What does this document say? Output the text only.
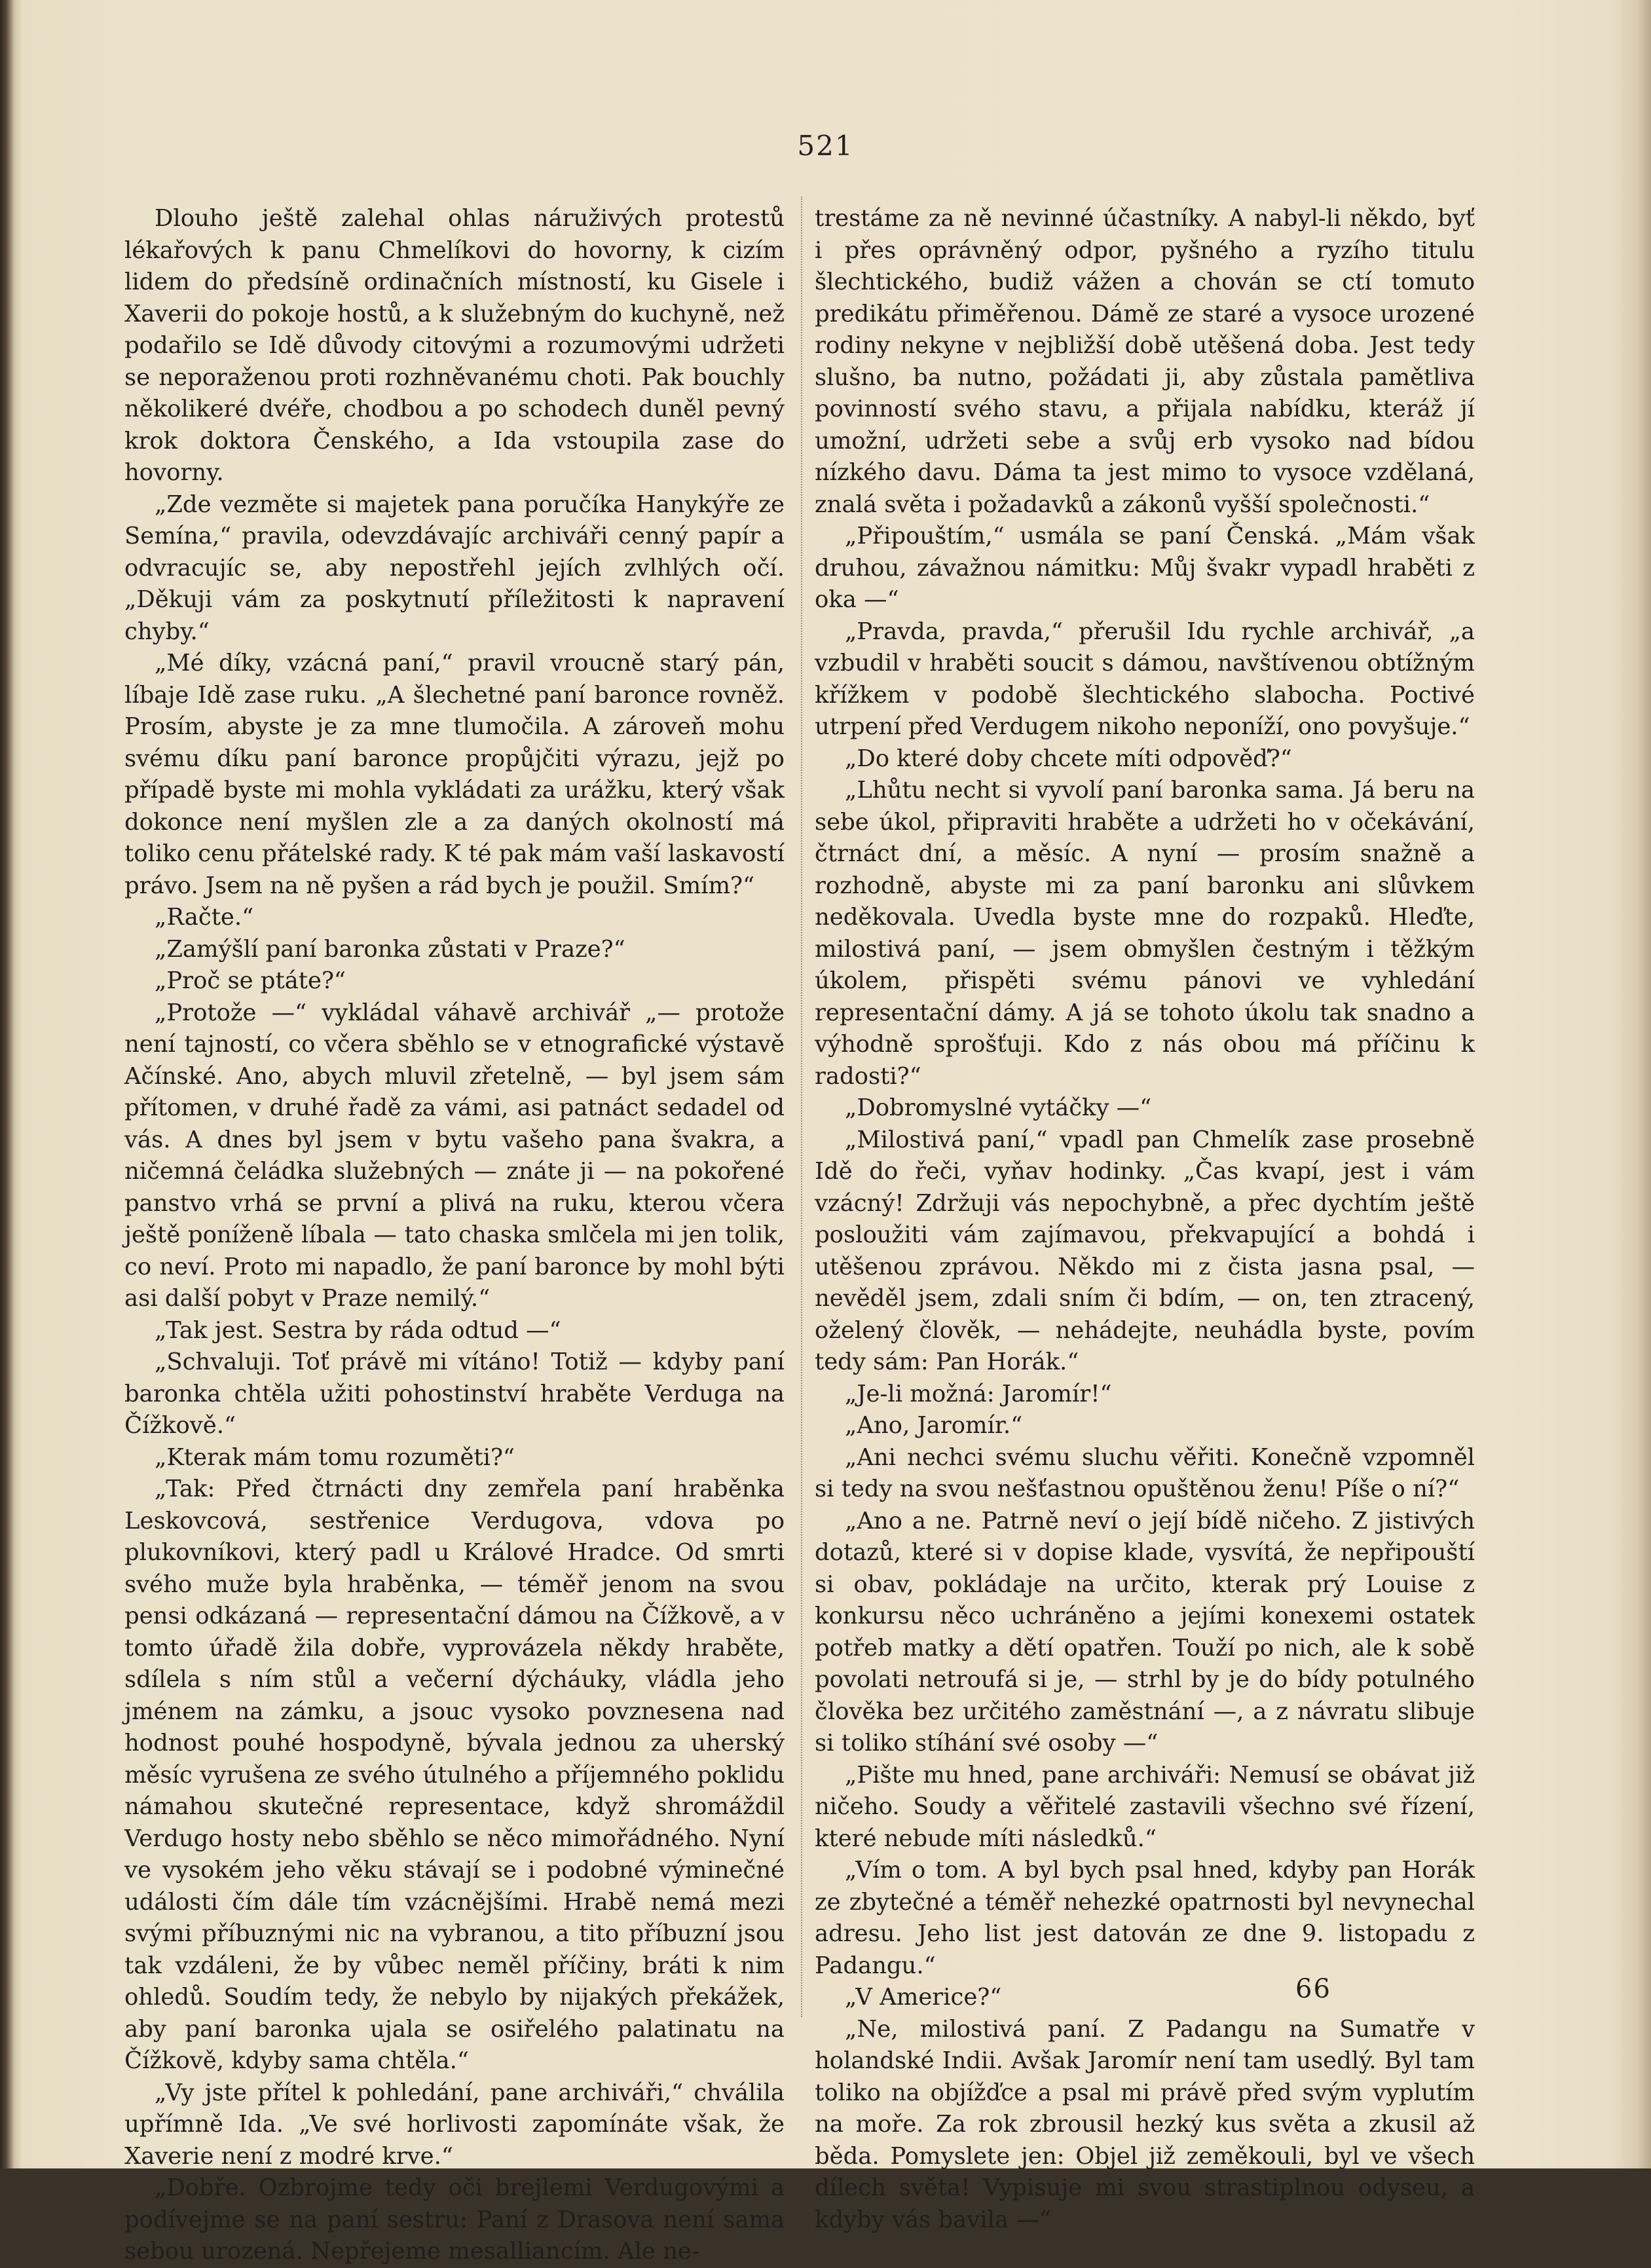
521

Dlouho ještě zalehal ohlas náruživých protestů lékařových k panu Chmelíkovi do hovorny, k cizím lidem do předsíně ordinačních místností, ku Gisele i Xaverii do pokoje hostů, a k služebným do kuchyně, než podařilo se Idě důvody citovými a rozumovými udržeti se neporaženou proti rozhněvanému choti. Pak bouchly několikeré dvéře, chodbou a po schodech duněl pevný krok doktora Čenského, a Ida vstoupila zase do hovorny.

„Zde vezměte si majetek pana poručíka Hanykýře ze Semína,“ pravila, odevzdávajíc archiváři cenný papír a odvracujíc se, aby nepostřehl jejích zvlhlých očí. „Děkuji vám za poskytnutí příležitosti k napravení chyby.“

„Mé díky, vzácná paní,“ pravil vroucně starý pán, líbaje Idě zase ruku. „A šlechetné paní baronce rovněž. Prosím, abyste je za mne tlumočila. A zároveň mohu svému díku paní baronce propůjčiti výrazu, jejž po případě byste mi mohla vykládati za urážku, který však dokonce není myšlen zle a za daných okolností má toliko cenu přátelské rady. K té pak mám vaší laskavostí právo. Jsem na ně pyšen a rád bych je použil. Smím?“

„Račte.“

„Zamýšlí paní baronka zůstati v Praze?“

„Proč se ptáte?“

„Protože —“ vykládal váhavě archivář „— protože není tajností, co včera sběhlo se v etnografické výstavě Ačínské. Ano, abych mluvil zřetelně, — byl jsem sám přítomen, v druhé řadě za vámi, asi patnáct sedadel od vás. A dnes byl jsem v bytu vašeho pana švakra, a ničemná čeládka služebných — znáte ji — na pokořené panstvo vrhá se první a plivá na ruku, kterou včera ještě poníženě líbala — tato chaska smlčela mi jen tolik, co neví. Proto mi napadlo, že paní baronce by mohl býti asi další pobyt v Praze nemilý.“

„Tak jest. Sestra by ráda odtud —“

„Schvaluji. Toť právě mi vítáno! Totiž — kdyby paní baronka chtěla užiti pohostinství hraběte Verduga na Čížkově.“

„Kterak mám tomu rozuměti?“

„Tak: Před čtrnácti dny zemřela paní hraběnka Leskovcová, sestřenice Verdugova, vdova po plukovníkovi, který padl u Králové Hradce. Od smrti svého muže byla hraběnka, — téměř jenom na svou pensi odkázaná — representační dámou na Čížkově, a v tomto úřadě žila dobře, vyprovázela někdy hraběte, sdílela s ním stůl a večerní dýcháuky, vládla jeho jménem na zámku, a jsouc vysoko povznesena nad hodnost pouhé hospodyně, bývala jednou za uherský měsíc vyrušena ze svého útulného a příjemného poklidu námahou skutečné representace, když shromáždil Verdugo hosty nebo sběhlo se něco mimořádného. Nyní ve vysokém jeho věku stávají se i podobné výminečné události čím dále tím vzácnějšími. Hrabě nemá mezi svými příbuznými nic na vybranou, a tito příbuzní jsou tak vzdáleni, že by vůbec neměl příčiny, bráti k nim ohledů. Soudím tedy, že nebylo by nijakých překážek, aby paní baronka ujala se osiřelého palatinatu na Čížkově, kdyby sama chtěla.“

„Vy jste přítel k pohledání, pane archiváři,“ chválila upřímně Ida. „Ve své horlivosti zapomínáte však, že Xaverie není z modré krve.“

„Dobře. Ozbrojme tedy oči brejlemi Verdugovými a podívejme se na paní sestru: Paní z Drasova není sama sebou urozená. Nepřejeme mesalliancím. Ale ne-

trestáme za ně nevinné účastníky. A nabyl-li někdo, byť i přes oprávněný odpor, pyšného a ryzího titulu šlechtického, budiž vážen a chován se ctí tomuto predikátu přiměřenou. Dámě ze staré a vysoce urozené rodiny nekyne v nejbližší době utěšená doba. Jest tedy slušno, ba nutno, požádati ji, aby zůstala pamětliva povinností svého stavu, a přijala nabídku, kteráž jí umožní, udržeti sebe a svůj erb vysoko nad bídou nízkého davu. Dáma ta jest mimo to vysoce vzdělaná, znalá světa i požadavků a zákonů vyšší společnosti.“

„Připouštím,“ usmála se paní Čenská. „Mám však druhou, závažnou námitku: Můj švakr vypadl hraběti z oka —“

„Pravda, pravda,“ přerušil Idu rychle archivář, „a vzbudil v hraběti soucit s dámou, navštívenou obtížným křížkem v podobě šlechtického slabocha. Poctivé utrpení před Verdugem nikoho neponíží, ono povyšuje.“

„Do které doby chcete míti odpověď?“

„Lhůtu necht si vyvolí paní baronka sama. Já beru na sebe úkol, připraviti hraběte a udržeti ho v očekávání, čtrnáct dní, a měsíc. A nyní — prosím snažně a rozhodně, abyste mi za paní baronku ani slůvkem neděkovala. Uvedla byste mne do rozpaků. Hleďte, milostivá paní, — jsem obmyšlen čestným i těžkým úkolem, přispěti svému pánovi ve vyhledání representační dámy. A já se tohoto úkolu tak snadno a výhodně sprošťuji. Kdo z nás obou má příčinu k radosti?“

„Dobromyslné vytáčky —“

„Milostivá paní,“ vpadl pan Chmelík zase prosebně Idě do řeči, vyňav hodinky. „Čas kvapí, jest i vám vzácný! Zdržuji vás nepochybně, a přec dychtím ještě posloužiti vám zajímavou, překvapující a bohdá i utěšenou zprávou. Někdo mi z čista jasna psal, — nevěděl jsem, zdali sním či bdím, — on, ten ztracený, oželený člověk, — nehádejte, neuhádla byste, povím tedy sám: Pan Horák.“

„Je-li možná: Jaromír!“

„Ano, Jaromír.“

„Ani nechci svému sluchu věřiti. Konečně vzpomněl si tedy na svou nešťastnou opuštěnou ženu! Píše o ní?“

„Ano a ne. Patrně neví o její bídě ničeho. Z jistivých dotazů, které si v dopise klade, vysvítá, že nepřipouští si obav, pokládaje na určito, kterak prý Louise z konkursu něco uchráněno a jejími konexemi ostatek potřeb matky a dětí opatřen. Touží po nich, ale k sobě povolati netroufá si je, — strhl by je do bídy potulného člověka bez určitého zaměstnání —, a z návratu slibuje si toliko stíhání své osoby —“

„Pište mu hned, pane archiváři: Nemusí se obávat již ničeho. Soudy a věřitelé zastavili všechno své řízení, které nebude míti následků.“

„Vím o tom. A byl bych psal hned, kdyby pan Horák ze zbytečné a téměř nehezké opatrnosti byl nevynechal adresu. Jeho list jest datován ze dne 9. listopadu z Padangu.“

„V Americe?“

„Ne, milostivá paní. Z Padangu na Sumatře v holandské Indii. Avšak Jaromír není tam usedlý. Byl tam toliko na objížďce a psal mi právě před svým vyplutím na moře. Za rok zbrousil hezký kus světa a zkusil až běda. Pomyslete jen: Objel již zeměkouli, byl ve všech dílech světa! Vypisuje mi svou strastiplnou odyseu, a kdyby vás bavila —“

66
